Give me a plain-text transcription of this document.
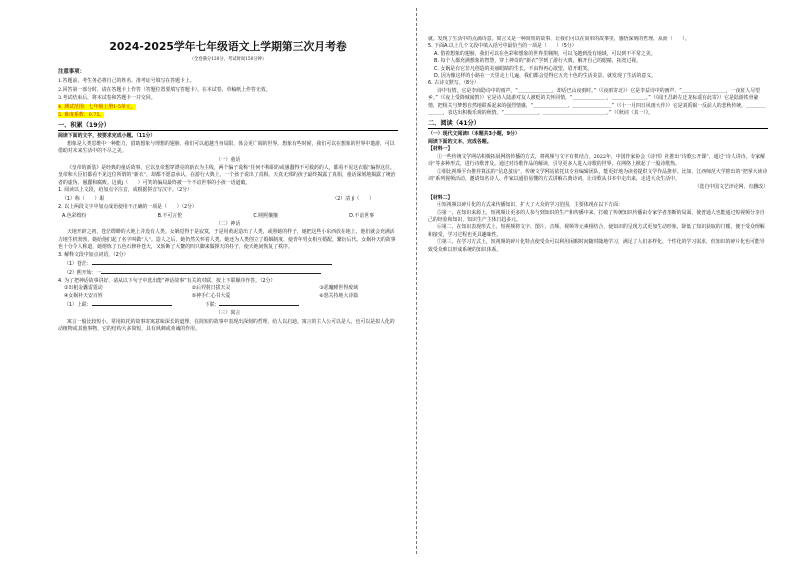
2024-2025学年七年级语文上学期第三次月考卷
（全卷满分120分，考试时间150分钟）
注意事项：

1.答题前，考生务必将自己的姓名、准考证号填写在答题卡上。

2.回答第一部分时，请在答题卡上作答（答题位置要填写答题卡）。在本试卷、草稿纸上作答无效。

3.考试结束后，将本试卷和答题卡一并交回。

4. 测试范围：七年级上册1-5单元。

5. 难度系数：0.75。

一、积累（19分）

阅读下面的文字，按要求完成小题。（11分）

想象是人类思维中一种能力，借助想象与理想的翅膀，我们可以超越当身局限，体会更广阔的世界。想象有些时候，我们可以在想象的世界中遨游，可以借助对未来生活中的不尽之美。

（一）童话

《皇帝的新装》是经典的童话故事，它以皇帝想穿漂亮的新衣为主线，两个骗子谎称“任何不称职的或愚蠢得不可救药的人，都看不见这衣服”骗得这位。皇帝和大臣们都看不见这位所谓的“新衣”，却都不愿意承认，在游行大典上，一个孩子说出了真相。天真无邪的孩子最终揭露了真相，童话深刻地揭露了统治者的虚伪、愚蠢和腐败。这就j（　　）可笑的骗局最终被一个不谙世事的小孩一语道破。

1. 阅读以上文段，给加点字注音，或根据拼音写汉字。（2分）

（1）称（　　）职	（2）凊 jì（　　）

2. 以上两段文字中加点成语使用不正确的一项是（　　）（2分）

A.色彩缤纷	B.不可言伦	C.熙熙攘攘	D.不谙世事

（二）神话

天地开辟之初，苍茫缥缈的大地上并没有人类。女娲觉得于是寂寞，于是用黄泥造出了人类，或照她的样子，她把这些小东西放在地上，他们就会充满活力地生机勃勃，她给他们起了名字叫做“人”。造人之后，她仍然关怀着人类。她还为人类创立了婚姻制度，使青年男女相互婚配，繁衍后代。女娲补天的故事也十分令人称道，她熔炼了五色石修补苍天，又斩断了大鳌的四只脚来做撑天的柱子，使天地间恢复了秩序。

3. 解释文段中加点词语。（2分）

（1）苍茫：

（2）熙开始：一

4. 为了把神话故事讲好，请从以下句子中选出能“神话故事”有关的对联，按上下联顺序作答。（2分）

①出租金囊雷霆动	②后羿射日拔天灵	③恶魔睡世得废域
④女娲补天安百姓	⑤神手仁心书大爱	⑥怒关持地大诗篇

（1）上联：	下联：

（三）寓言

寓言一般比较短小，常用拟托的故事寄寓意味深长的道理，在简短的故事中表现出深刻的哲理，给人以启迪。寓言的主人公可以是人，也可以是拟人化的动植物或其他事物，它的结构大多简短，具有讽刺或劝诫的作用。

就。发现了生活中的点滴诗意。寓言又是一种简短的故事，让我们可以在简单的故事里，感悟深刻的哲理，从而（　　）。

5. 下面A.以上几个文段中填入括号中最恰当的一项是（　　）（5分）

A. 借着想象的翅膀，我们可以在色彩和想象的世界里翱翔，可以飞越到没有地域，可以到不平常之美。

B. 每个人都充满想象的智慧，穿上神奇的“新衣”学到了游行大典，解开自己的眼睛，拓宽过视。

C. 女娲是有它非凡创造的美丽眼睛的生长，不由得再心欲望，眉开眼笑。

D. 因为像这样的小路在一天里走上几遍，我们都会觉得它五光十色的生活美景，就发现了生活的意义。

6. 古诗文默写。（8分）

诗中有情。它是李商隐诗中的雨声，“＿＿＿＿＿＿＿，却话巴山夜雨时。”（《夜雨寄北》）它是李益诗中的画声，“＿＿＿＿＿＿＿＿＿，一夜征人尽望乡。”（《夜上受降城闻笛》）它是诗人陆游对友人被贬的关怀同情，“＿＿＿＿＿＿＿，＿＿＿＿＿＿＿。”（《闻王昌龄左迁龙标遥有此寄》）它是陆游铁骨豪情，把相关与梦想自然地联系起来的强烈情感，“＿＿＿＿＿＿＿，＿＿＿＿＿＿＿＿”（《十一月四日风雨大作》）它是刘禹锡一反前人的悲秋传统，＿＿＿＿＿＿＿，表达出积极乐观的秋情。“＿＿＿＿＿＿＿，＿＿＿＿＿＿＿＿＿＿＿＿＿。”（《秋词（其一）》。

二、阅读（41分）

（一）现代文阅读Ⅰ（本题共3小题，9分）

阅读下面的文本，完成各题。

【材料一】

①一些传统文学网站积极拓展网络传播的方式，将视频与文字有机结合。2022年，中国作家协会《诗刊》社推出“诗歌公开课”，通过“诗人讲诗、专家解诗”等多种形式，进行诗歌普及。通过对诗歌作品的解读，引导更多人进入诗歌的世界，在网络上掀起了一股诗歌热。

②相比视频平台推荐算法的“信息茧房”，传统文学网站依托其专业编辑团队，能更好地为读者提供文学作品推荐。比如，江西师范大学推出的“把掌大读诗词”系列视频活动，邀请知名诗人、作家以通俗易懂的方式讲解古典诗词，让诗歌从书本中走出来，走进大众生活中。

（选自中国文艺评论网，有删改）

【材料二】

④短视频以碎片化的方式来传播知识，扩大了大众的学习范围，主要体现在以下方面：

⑤第一，在知识来源上，短视频让更多的人参与到知识的生产和传播中来，打破了传统知识传播由专家学者垄断的局面，使普通人也能通过短视频分享自己的经验和知识，知识生产主体日趋多元。

⑥第二，在知识表现形式上，短视频将文字、图片、音频、视频等元素相结合，使知识的呈现方式更加生动形象，降低了知识获取的门槛，便于受众理解和接受，学习过程也更具趣味性。

⑦第三，在学习方式上，短视频的碎片化特点使受众可以利用闲暇时间随时随地学习，满足了人们多样化、个性化的学习需求，但知识的碎片化也可能导致受众难以形成系统的知识体系。
